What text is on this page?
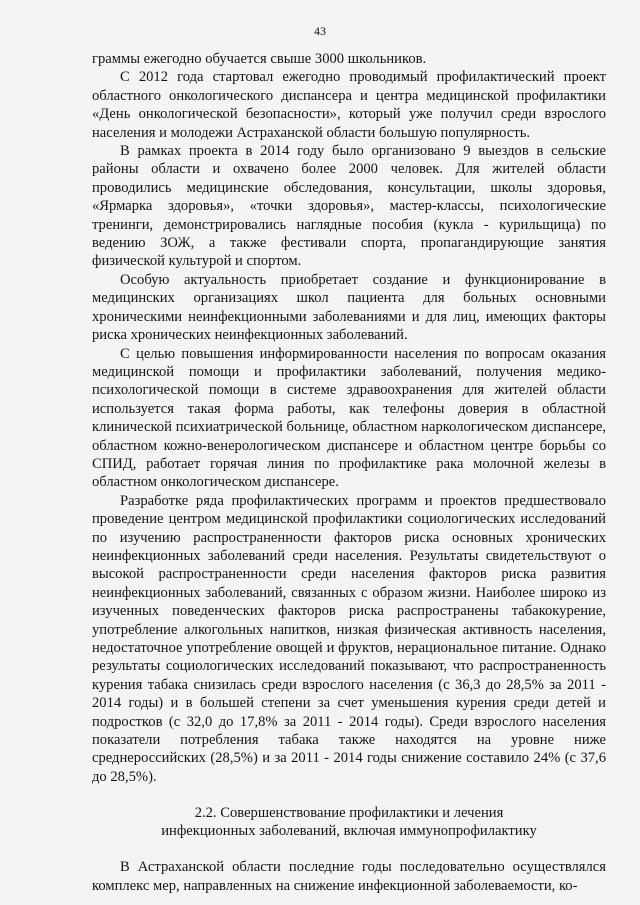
43

граммы ежегодно обучается свыше 3000 школьников.

С 2012 года стартовал ежегодно проводимый профилактический проект областного онкологического диспансера и центра медицинской профилактики «День онкологической безопасности», который уже получил среди взрослого населения и молодежи Астраханской области большую популярность.

В рамках проекта в 2014 году было организовано 9 выездов в сельские районы области и охвачено более 2000 человек. Для жителей области проводились медицинские обследования, консультации, школы здоровья, «Ярмарка здоровья», «точки здоровья», мастер-классы, психологические тренинги, демонстрировались наглядные пособия (кукла - курильщица) по ведению ЗОЖ, а также фестивали спорта, пропагандирующие занятия физической культурой и спортом.

Особую актуальность приобретает создание и функционирование в медицинских организациях школ пациента для больных основными хроническими неинфекционными заболеваниями и для лиц, имеющих факторы риска хронических неинфекционных заболеваний.

С целью повышения информированности населения по вопросам оказания медицинской помощи и профилактики заболеваний, получения медико-психологической помощи в системе здравоохранения для жителей области используется такая форма работы, как телефоны доверия в областной клинической психиатрической больнице, областном наркологическом диспансере, областном кожно-венерологическом диспансере и областном центре борьбы со СПИД, работает горячая линия по профилактике рака молочной железы в областном онкологическом диспансере.

Разработке ряда профилактических программ и проектов предшествовало проведение центром медицинской профилактики социологических исследований по изучению распространенности факторов риска основных хронических неинфекционных заболеваний среди населения. Результаты свидетельствуют о высокой распространенности среди населения факторов риска развития неинфекционных заболеваний, связанных с образом жизни. Наиболее широко из изученных поведенческих факторов риска распространены табакокурение, употребление алкогольных напитков, низкая физическая активность населения, недостаточное употребление овощей и фруктов, нерациональное питание. Однако результаты социологических исследований показывают, что распространенность курения табака снизилась среди взрослого населения (с 36,3 до 28,5% за 2011 - 2014 годы) и в большей степени за счет уменьшения курения среди детей и подростков (с 32,0 до 17,8% за 2011 - 2014 годы). Среди взрослого населения показатели потребления табака также находятся на уровне ниже среднероссийских (28,5%) и за 2011 - 2014 годы снижение составило 24% (с 37,6 до 28,5%).

2.2. Совершенствование профилактики и лечения
инфекционных заболеваний, включая иммунопрофилактику

В Астраханской области последние годы последовательно осуществлялся комплекс мер, направленных на снижение инфекционной заболеваемости, ко-
